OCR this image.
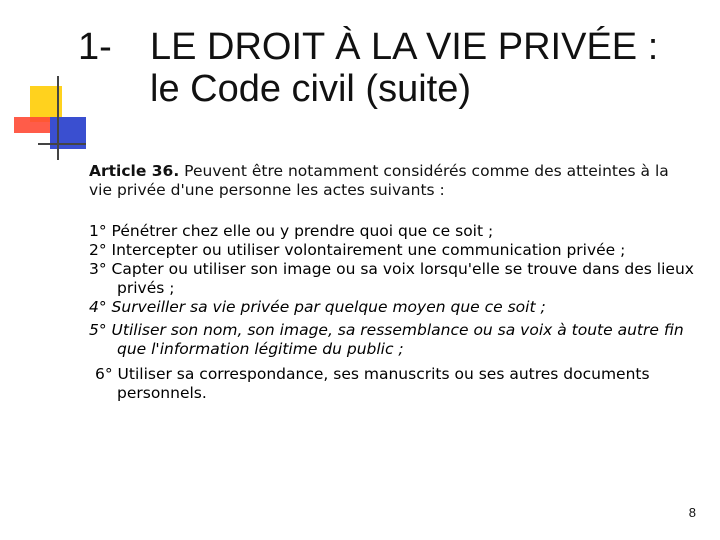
1- LE DROIT À LA VIE PRIVÉE :
le Code civil (suite)
Article 36. Peuvent être notamment considérés comme des atteintes à la vie privée d'une personne les actes suivants :

1° Pénétrer chez elle ou y prendre quoi que ce soit ;

2° Intercepter ou utiliser volontairement une communication privée ;

3° Capter ou utiliser son image ou sa voix lorsqu'elle se trouve dans des lieux privés ;

4° Surveiller sa vie privée par quelque moyen que ce soit ;

5° Utiliser son nom, son image, sa ressemblance ou sa voix à toute autre fin que l'information légitime du public ;

6° Utiliser sa correspondance, ses manuscrits ou ses autres documents personnels.

8
